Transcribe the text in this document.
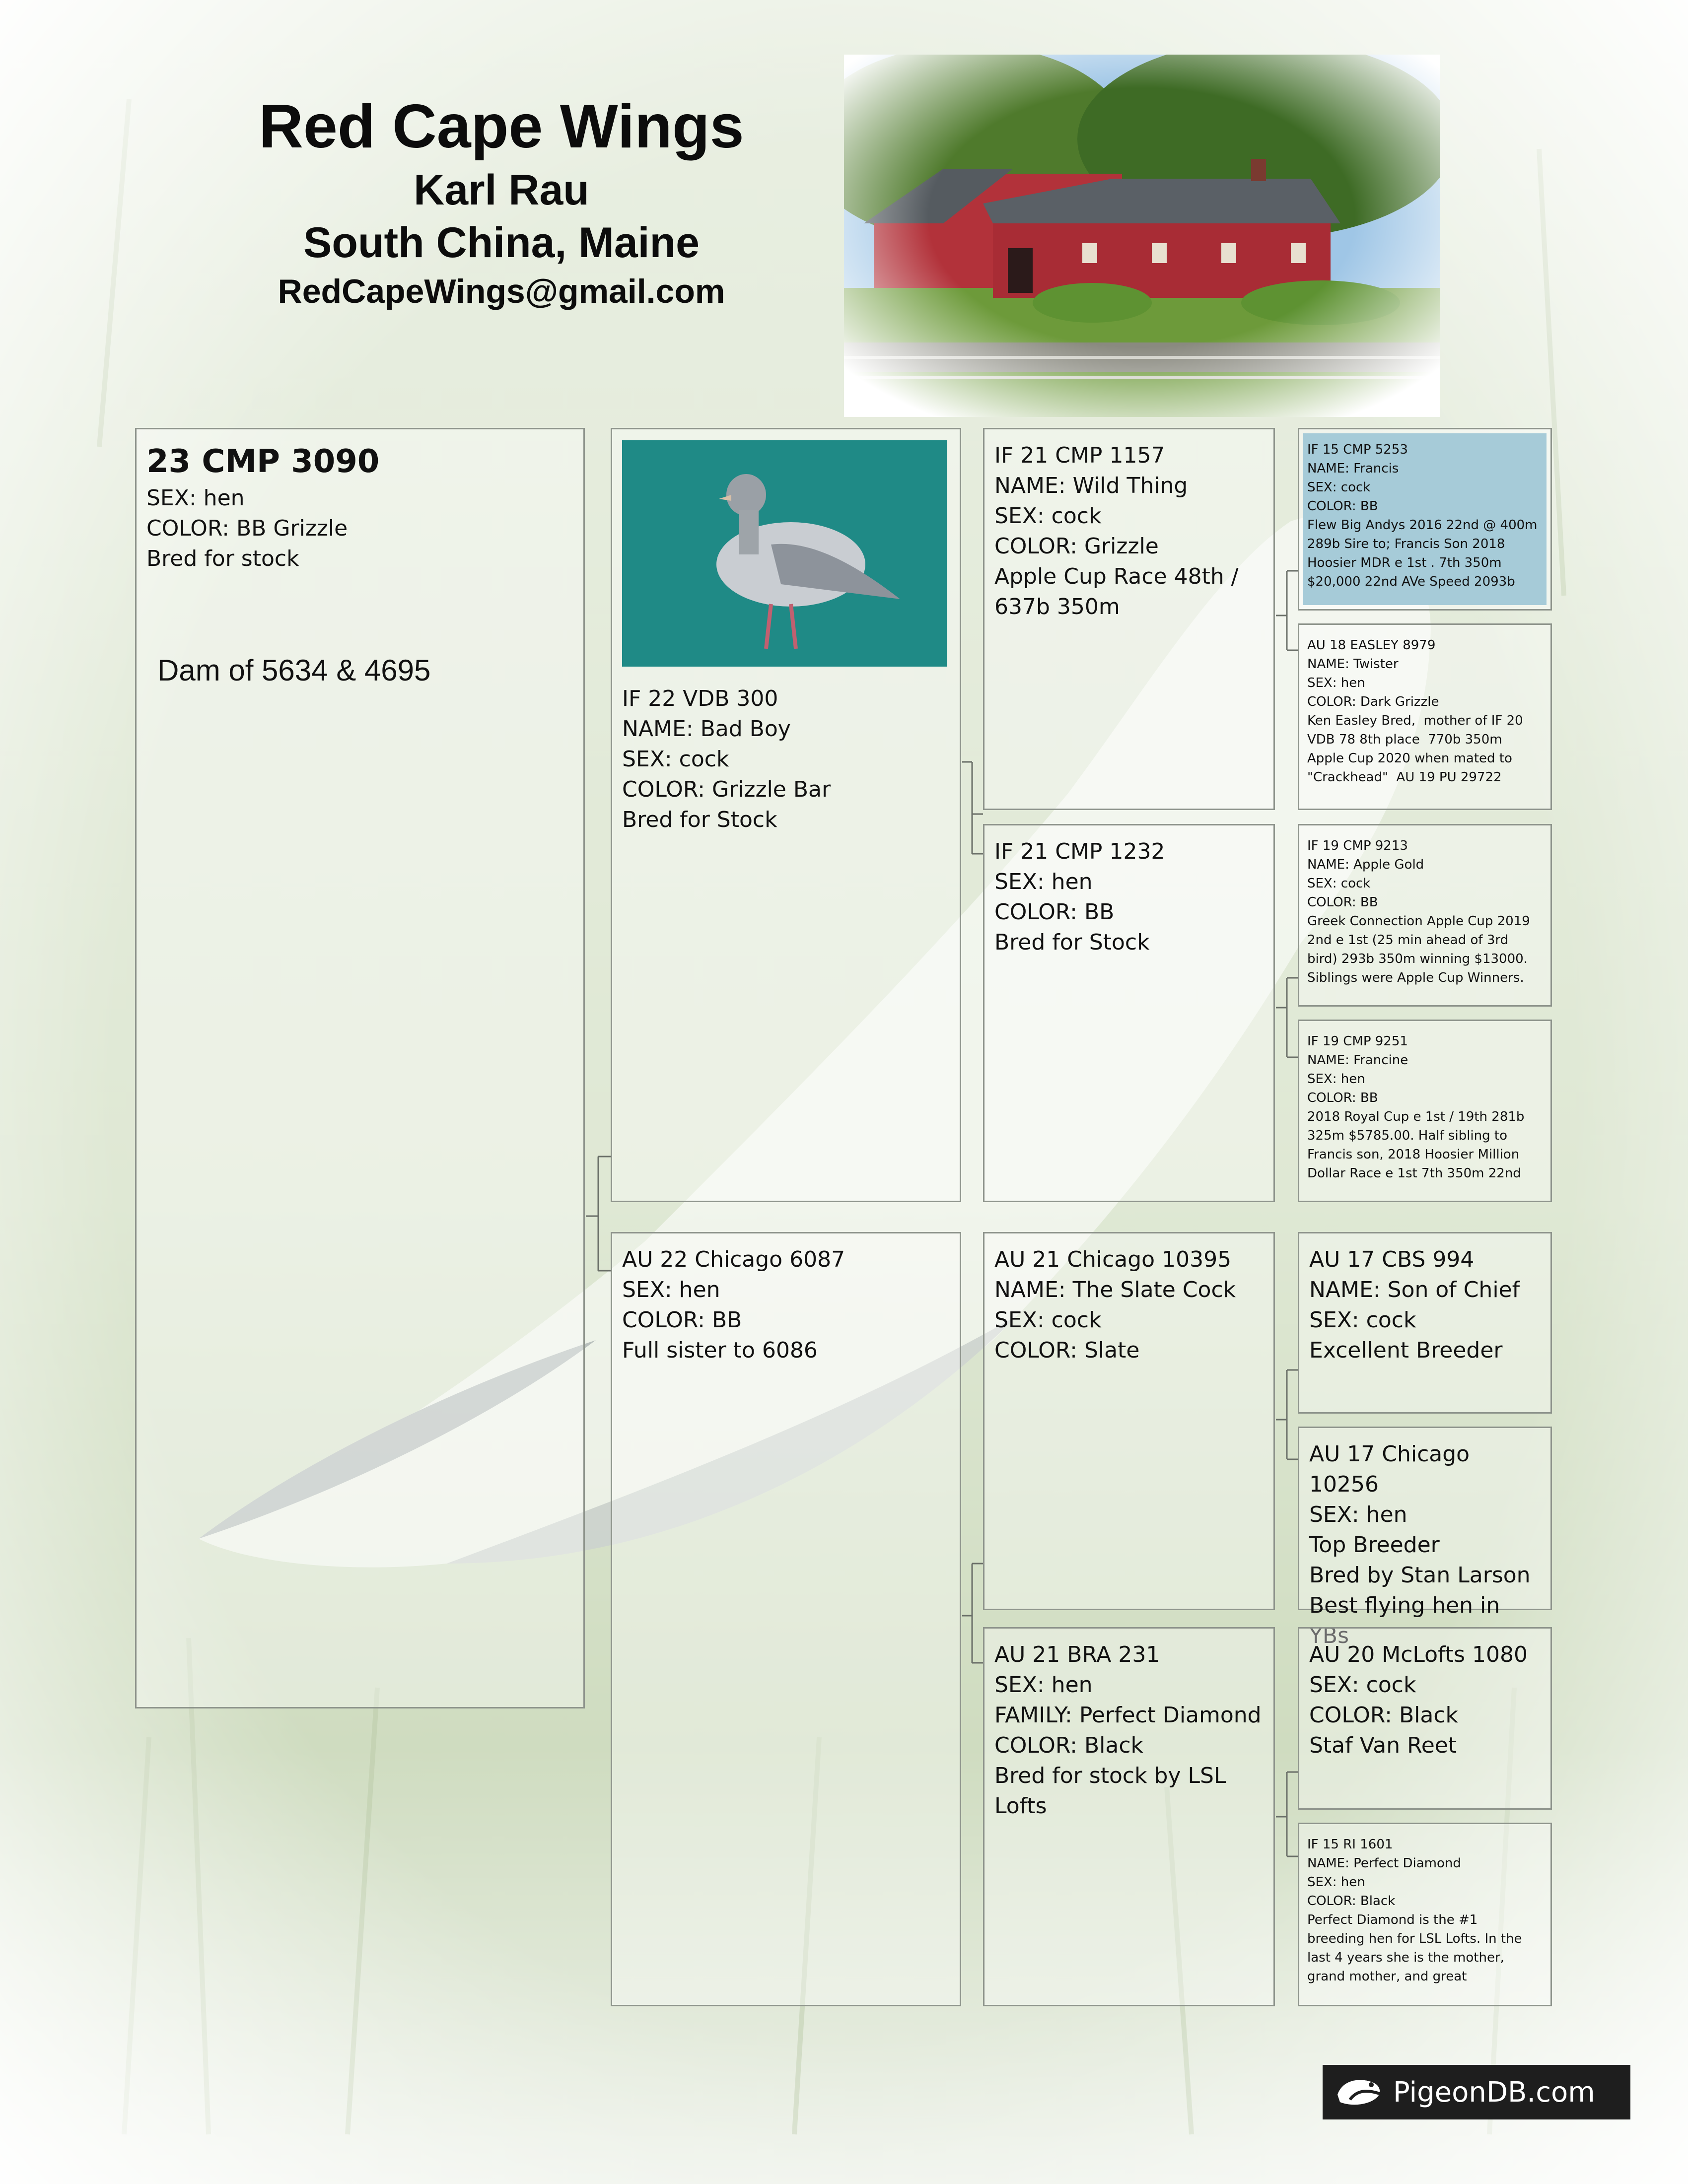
Red Cape Wings
Karl Rau
South China, Maine
RedCapeWings@gmail.com
23 CMP 3090
SEX: hen
COLOR: BB Grizzle
Bred for stock
Dam of 5634 & 4695
IF 22 VDB 300
NAME: Bad Boy
SEX: cock
COLOR: Grizzle Bar
Bred for Stock
AU 22 Chicago 6087
SEX: hen
COLOR: BB
Full sister to 6086
IF 21 CMP 1157
NAME: Wild Thing
SEX: cock
COLOR: Grizzle
Apple Cup Race 48th /
637b 350m
IF 21 CMP 1232
SEX: hen
COLOR: BB
Bred for Stock
AU 21 Chicago 10395
NAME: The Slate Cock
SEX: cock
COLOR: Slate
AU 21 BRA 231
SEX: hen
FAMILY: Perfect Diamond
COLOR: Black
Bred for stock by LSL
Lofts
IF 15 CMP 5253
NAME: Francis
SEX: cock
COLOR: BB
Flew Big Andys 2016 22nd @ 400m
289b Sire to; Francis Son 2018
Hoosier MDR e 1st . 7th 350m
$20,000 22nd AVe Speed 2093b
AU 18 EASLEY 8979
NAME: Twister
SEX: hen
COLOR: Dark Grizzle
Ken Easley Bred,  mother of IF 20
VDB 78 8th place  770b 350m
Apple Cup 2020 when mated to
"Crackhead"  AU 19 PU 29722
IF 19 CMP 9213
NAME: Apple Gold
SEX: cock
COLOR: BB
Greek Connection Apple Cup 2019
2nd e 1st (25 min ahead of 3rd
bird) 293b 350m winning $13000.
Siblings were Apple Cup Winners.
IF 19 CMP 9251
NAME: Francine
SEX: hen
COLOR: BB
2018 Royal Cup e 1st / 19th 281b
325m $5785.00. Half sibling to
Francis son, 2018 Hoosier Million
Dollar Race e 1st 7th 350m 22nd
AU 17 CBS 994
NAME: Son of Chief
SEX: cock
Excellent Breeder
AU 17 Chicago 10256
SEX: hen
Top Breeder
Bred by Stan Larson
Best flying hen in YBs
AU 20 McLofts 1080
SEX: cock
COLOR: Black
Staf Van Reet
IF 15 RI 1601
NAME: Perfect Diamond
SEX: hen
COLOR: Black
Perfect Diamond is the #1
breeding hen for LSL Lofts. In the
last 4 years she is the mother,
grand mother, and great
PigeonDB.com
